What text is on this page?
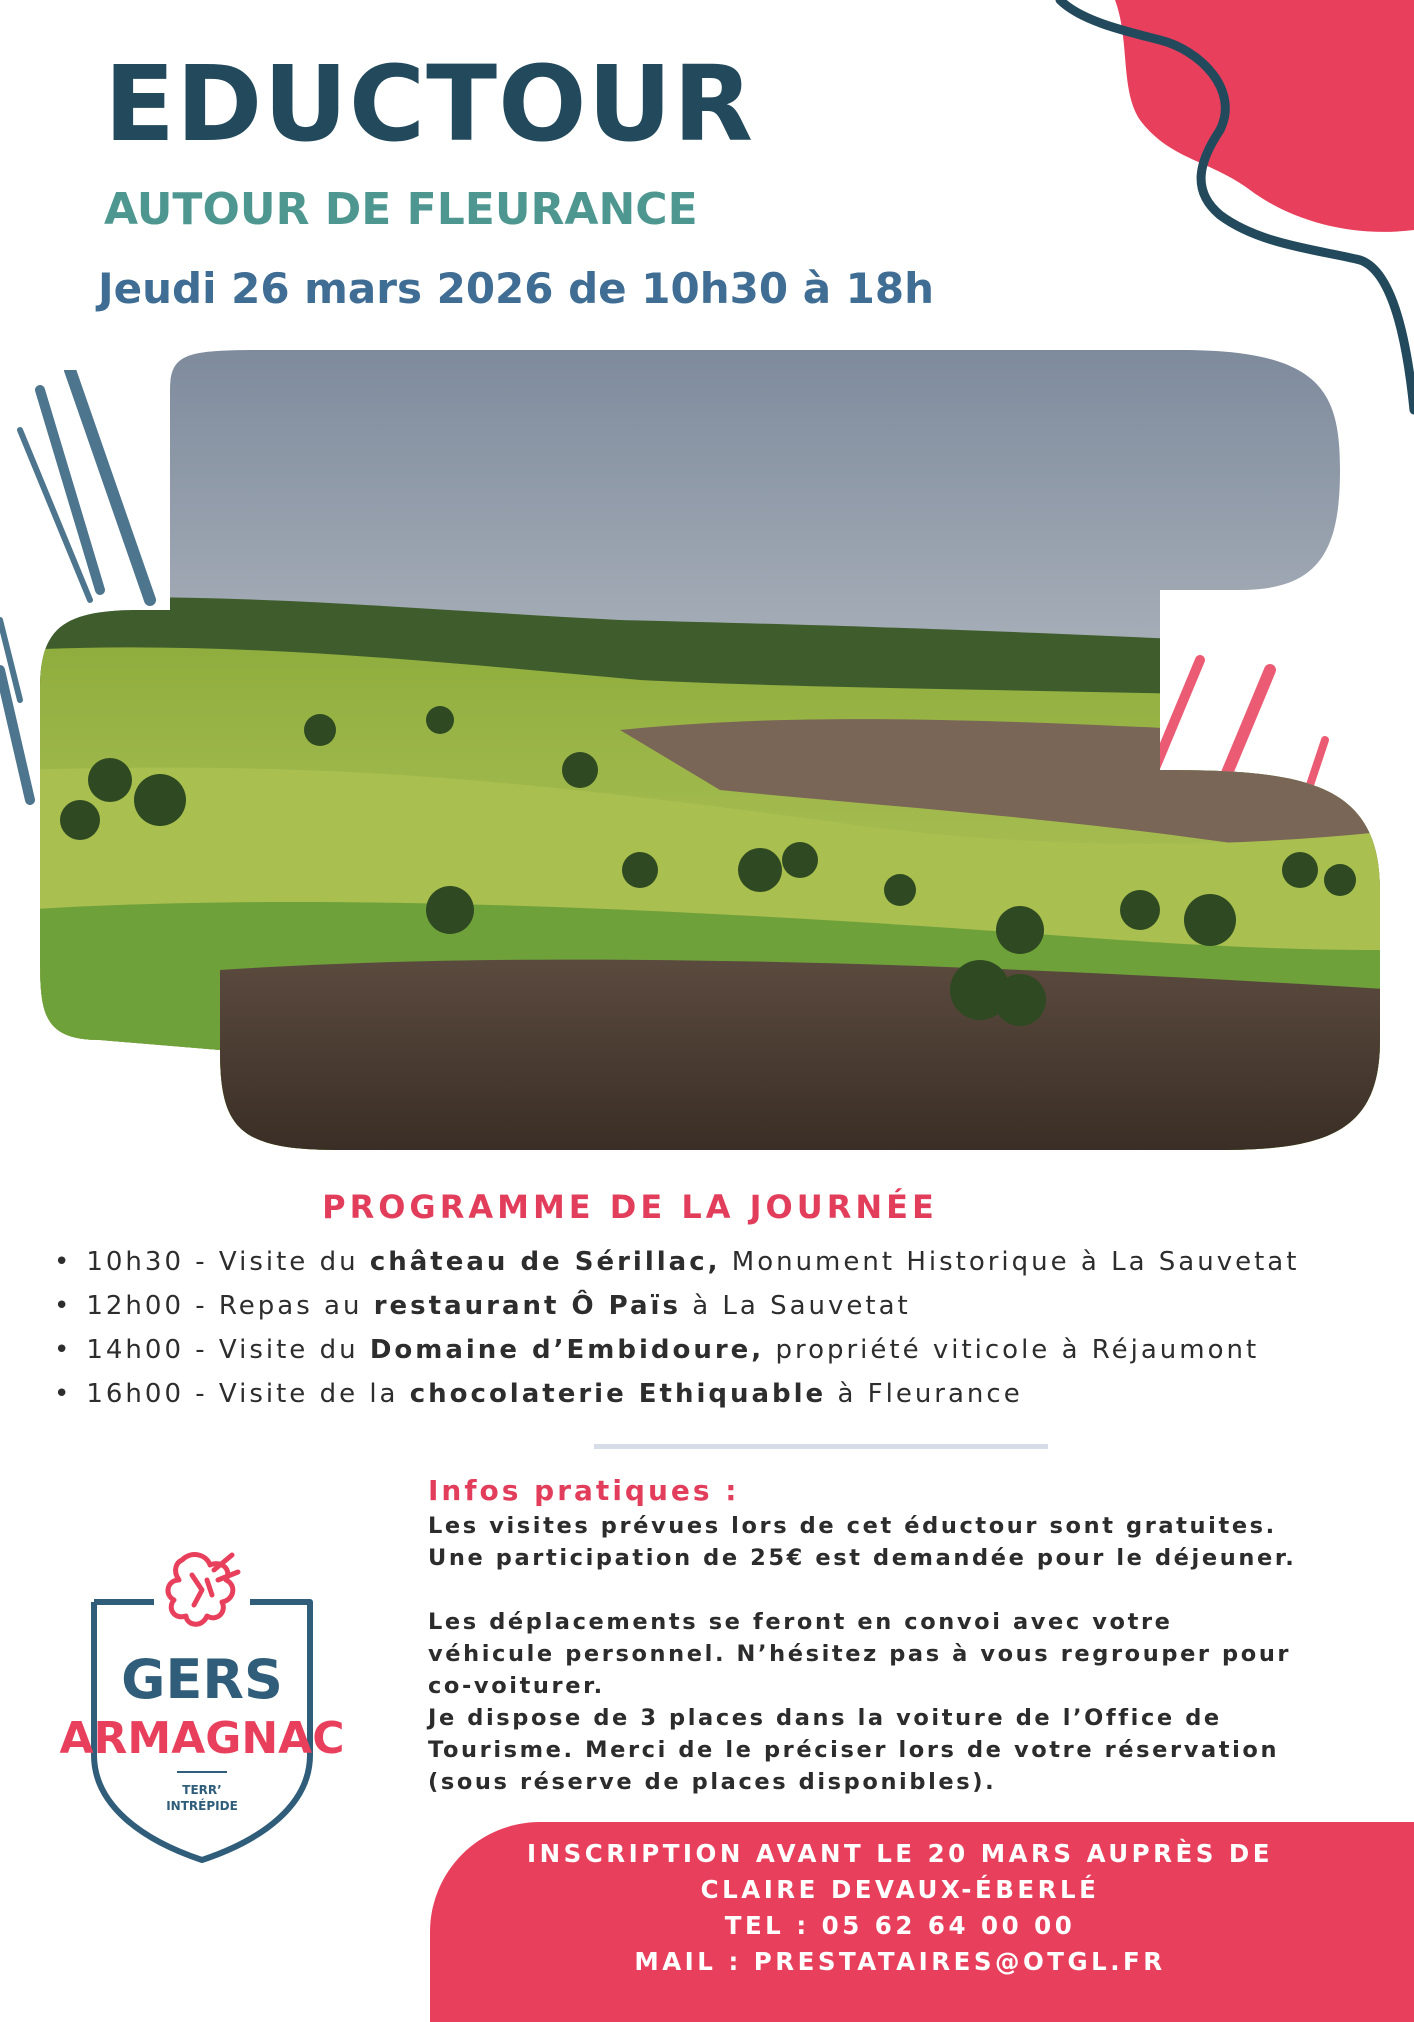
EDUCTOUR
AUTOUR DE FLEURANCE
Jeudi 26 mars 2026 de 10h30 à 18h
PROGRAMME DE LA JOURNÉE
• 10h30 - Visite du château de Sérillac, Monument Historique à La Sauvetat
• 12h00 - Repas au restaurant Ô Païs à La Sauvetat
• 14h00 - Visite du Domaine d’Embidoure, propriété viticole à Réjaumont
• 16h00 - Visite de la chocolaterie Ethiquable à Fleurance
Infos pratiques :

Les visites prévues lors de cet éductour sont gratuites.

Une participation de 25€ est demandée pour le déjeuner.

Les déplacements se feront en convoi avec votre

véhicule personnel. N’hésitez pas à vous regrouper pour

co-voiturer.

Je dispose de 3 places dans la voiture de l’Office de

Tourisme. Merci de le préciser lors de votre réservation

(sous réserve de places disponibles).

GERS
ARMAGNAC
TERR’
INTRÉPIDE
INSCRIPTION AVANT LE 20 MARS AUPRÈS DE
CLAIRE DEVAUX-ÉBERLÉ
TEL : 05 62 64 00 00
MAIL : PRESTATAIRES@OTGL.FR
